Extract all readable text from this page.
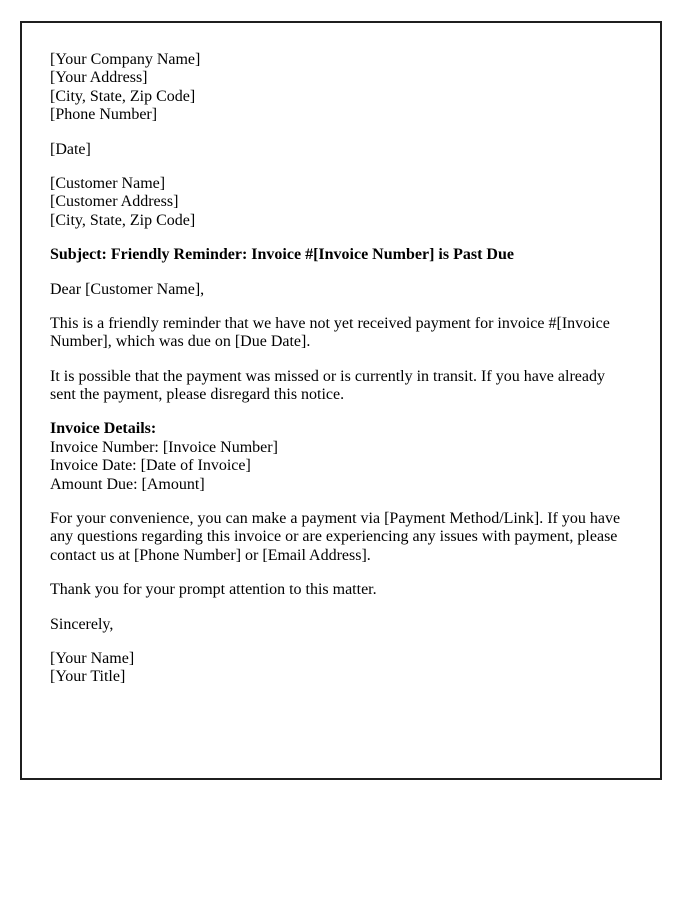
[Your Company Name]
[Your Address]
[City, State, Zip Code]
[Phone Number]

[Date]

[Customer Name]
[Customer Address]
[City, State, Zip Code]

Subject: Friendly Reminder: Invoice #[Invoice Number] is Past Due

Dear [Customer Name],

This is a friendly reminder that we have not yet received payment for invoice #[Invoice Number], which was due on [Due Date].

It is possible that the payment was missed or is currently in transit. If you have already sent the payment, please disregard this notice.

Invoice Details:
Invoice Number: [Invoice Number]
Invoice Date: [Date of Invoice]
Amount Due: [Amount]

For your convenience, you can make a payment via [Payment Method/Link]. If you have any questions regarding this invoice or are experiencing any issues with payment, please contact us at [Phone Number] or [Email Address].

Thank you for your prompt attention to this matter.

Sincerely,

[Your Name]
[Your Title]
